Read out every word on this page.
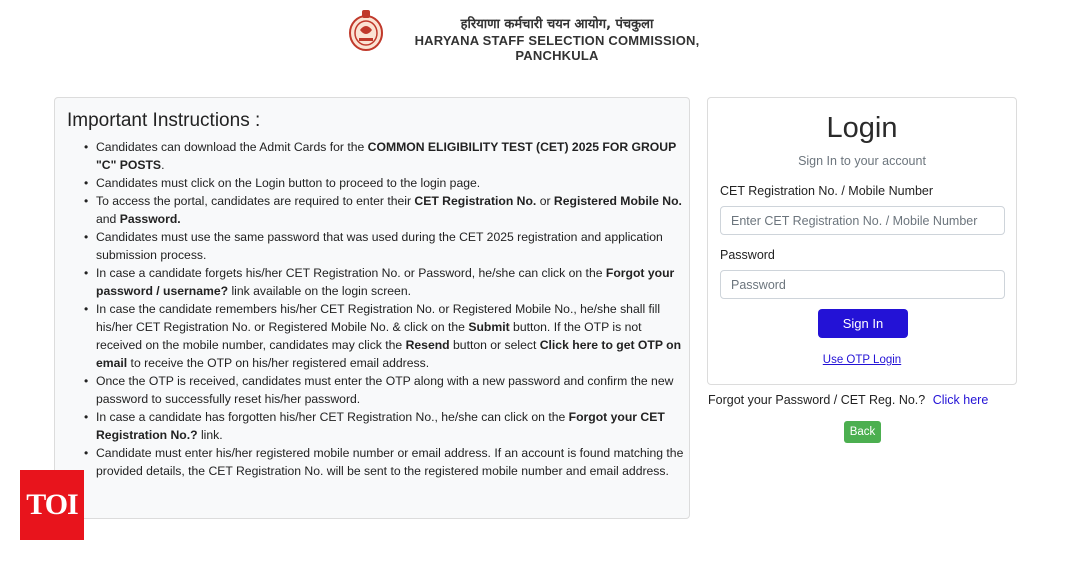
हरियाणा कर्मचारी चयन आयोग, पंचकुला
HARYANA STAFF SELECTION COMMISSION, PANCHKULA
Important Instructions :
• Candidates can download the Admit Cards for the COMMON ELIGIBILITY TEST (CET) 2025 FOR GROUP "C" POSTS.
• Candidates must click on the Login button to proceed to the login page.
• To access the portal, candidates are required to enter their CET Registration No. or Registered Mobile No. and Password.
• Candidates must use the same password that was used during the CET 2025 registration and application submission process.
• In case a candidate forgets his/her CET Registration No. or Password, he/she can click on the Forgot your password / username? link available on the login screen.
• In case the candidate remembers his/her CET Registration No. or Registered Mobile No., he/she shall fill his/her CET Registration No. or Registered Mobile No. & click on the Submit button. If the OTP is not received on the mobile number, candidates may click the Resend button or select Click here to get OTP on email to receive the OTP on his/her registered email address.
• Once the OTP is received, candidates must enter the OTP along with a new password and confirm the new password to successfully reset his/her password.
• In case a candidate has forgotten his/her CET Registration No., he/she can click on the Forgot your CET Registration No.? link.
• Candidate must enter his/her registered mobile number or email address. If an account is found matching the provided details, the CET Registration No. will be sent to the registered mobile number and email address.
Login
Sign In to your account
CET Registration No. / Mobile Number
Enter CET Registration No. / Mobile Number
Password
Sign In
Use OTP Login
Forgot your Password / CET Reg. No.? Click here
Back
TOI
